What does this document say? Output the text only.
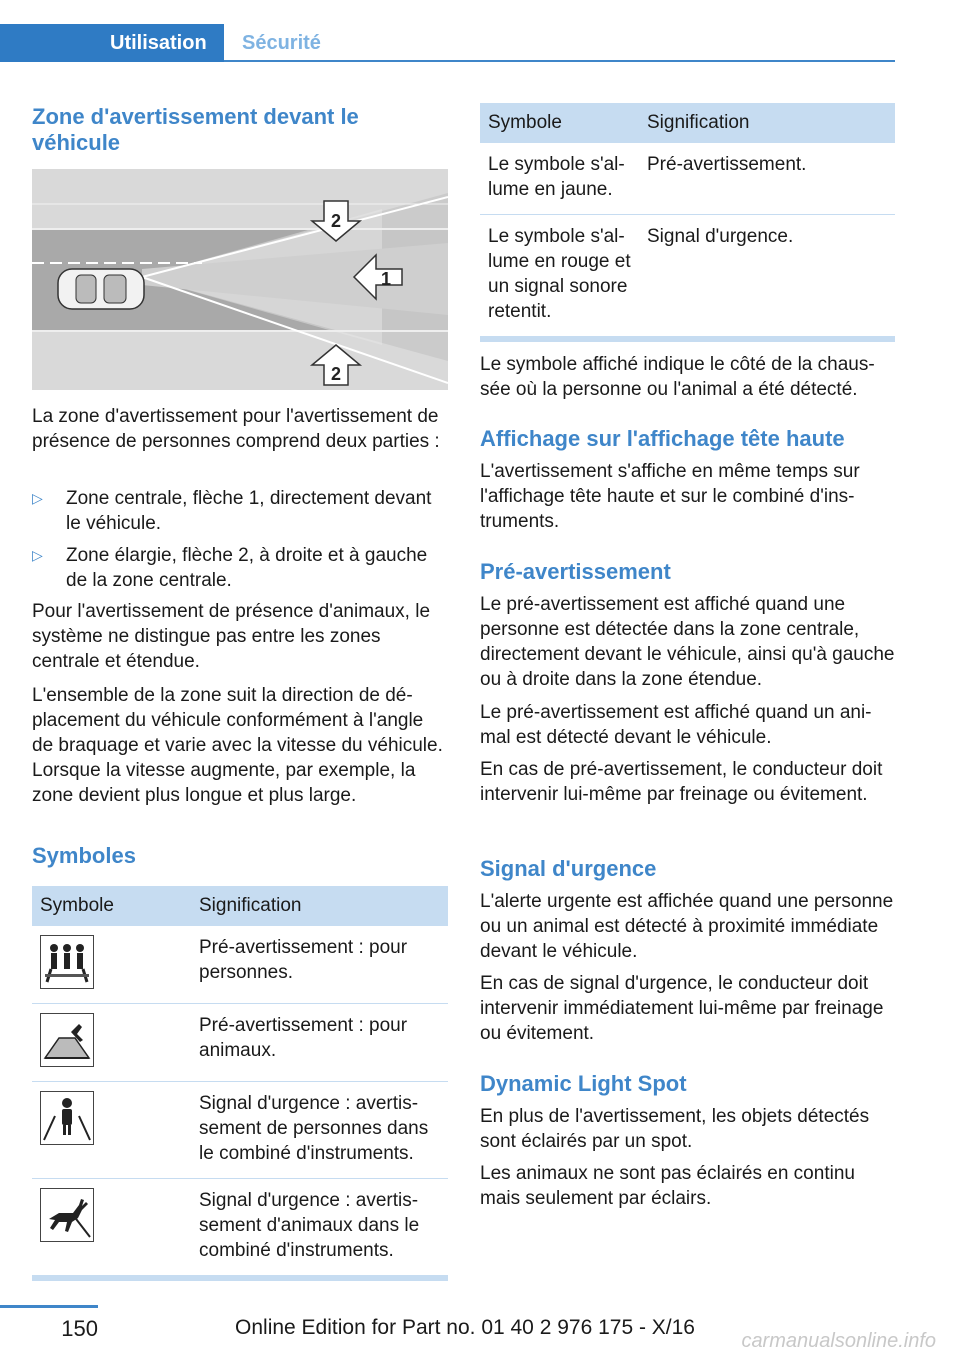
Utilisation	Sécurité
Zone d'avertissement devant le véhicule
2
1
2

La zone d'avertissement pour l'avertissement de présence de personnes comprend deux parties :

▷ Zone centrale, flèche 1, directement devant le véhicule.
▷ Zone élargie, flèche 2, à droite et à gauche de la zone centrale.

Pour l'avertissement de présence d'animaux, le système ne distingue pas entre les zones centrale et étendue.

L'ensemble de la zone suit la direction de déplacement du véhicule conformément à l'angle de braquage et varie avec la vitesse du véhicule. Lorsque la vitesse augmente, par exemple, la zone devient plus longue et plus large.

Symboles
Symbole	Signification

	Pré-avertissement : pour personnes.

	Pré-avertissement : pour animaux.

	Signal d'urgence : avertissement de personnes dans le combiné d'instruments.

	Signal d'urgence : avertissement d'animaux dans le combiné d'instruments.
Symbole	Signification
Le symbole s'allume en jaune.	Pré-avertissement.
Le symbole s'allume en rouge et un signal sonore retentit.	Signal d'urgence.

Le symbole affiché indique le côté de la chaussée où la personne ou l'animal a été détecté.

Affichage sur l'affichage tête haute

L'avertissement s'affiche en même temps sur l'affichage tête haute et sur le combiné d'instruments.

Pré-avertissement

Le pré-avertissement est affiché quand une personne est détectée dans la zone centrale, directement devant le véhicule, ainsi qu'à gauche ou à droite dans la zone étendue.

Le pré-avertissement est affiché quand un animal est détecté devant le véhicule.

En cas de pré-avertissement, le conducteur doit intervenir lui-même par freinage ou évitement.

Signal d'urgence

L'alerte urgente est affichée quand une personne ou un animal est détecté à proximité immédiate devant le véhicule.

En cas de signal d'urgence, le conducteur doit intervenir immédiatement lui-même par freinage ou évitement.

Dynamic Light Spot

En plus de l'avertissement, les objets détectés sont éclairés par un spot.

Les animaux ne sont pas éclairés en continu mais seulement par éclairs.

150	Online Edition for Part no. 01 40 2 976 175 - X/16
carmanualsonline.info
